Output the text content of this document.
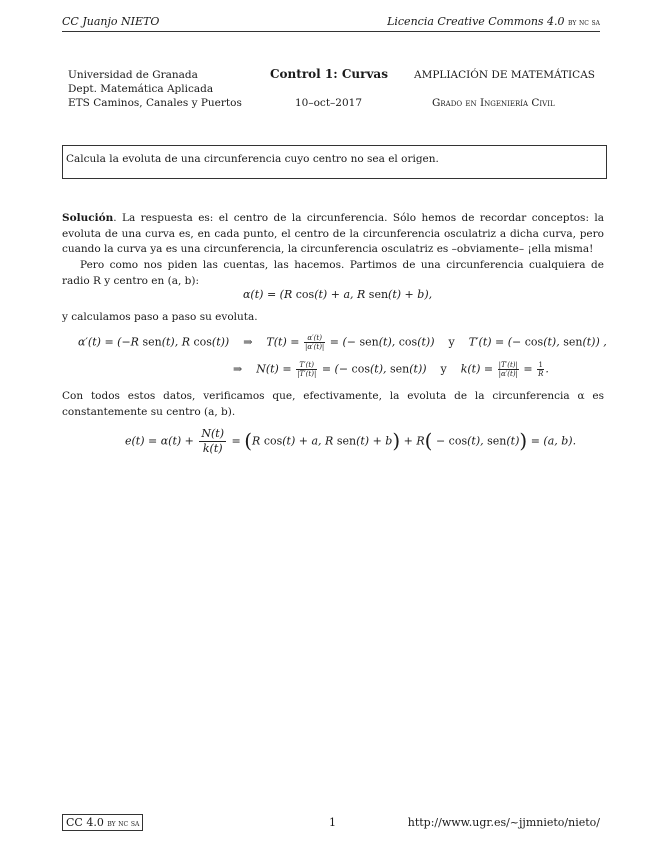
CC Juanjo NIETO	Licencia Creative Commons 4.0 by nc sa
Universidad de Granada
Dept. Matemática Aplicada
ETS Caminos, Canales y Puertos
Control 1: Curvas
10–oct–2017
AMPLIACIÓN DE MATEMÁTICAS
Grado en Ingeniería Civil
Calcula la evoluta de una circunferencia cuyo centro no sea el origen.
Solución. La respuesta es: el centro de la circunferencia. Sólo hemos de recordar conceptos: la evoluta de una curva es, en cada punto, el centro de la circunferencia osculatriz a dicha curva, pero cuando la curva ya es una circunferencia, la circunferencia osculatriz es –obviamente– ¡ella misma!
Pero como nos piden las cuentas, las hacemos. Partimos de una circunferencia cualquiera de radio R y centro en (a, b):
α(t) = (R cos(t) + a, R sen(t) + b),
y calculamos paso a paso su evoluta.
α′(t) = (−R sen(t), R cos(t))    ⇒    $T(t) = \frac{\alpha'(t)}{|\alpha'(t)|}$ = (− sen(t), cos(t))    y    T′(t) = (− cos(t), sen(t)) ,
⇒    $N(t) = \frac{T'(t)}{|T'(t)|}$ = (− cos(t), sen(t))    y    $k(t) = \frac{|T'(t)|}{|\alpha'(t)|} = \frac{1}{R}$ .
Con todos estos datos, verificamos que, efectivamente, la evoluta de la circunferencia α es constantemente su centro (a, b).
$e(t) = \alpha(t) + \frac{N(t)}{k(t)} = (R$ cos(t) + a, R sen(t) + b) + R( − cos(t), sen(t)) = (a, b).
CC 4.0 by nc sa	1	http://www.ugr.es/~jjmnieto/nieto/
